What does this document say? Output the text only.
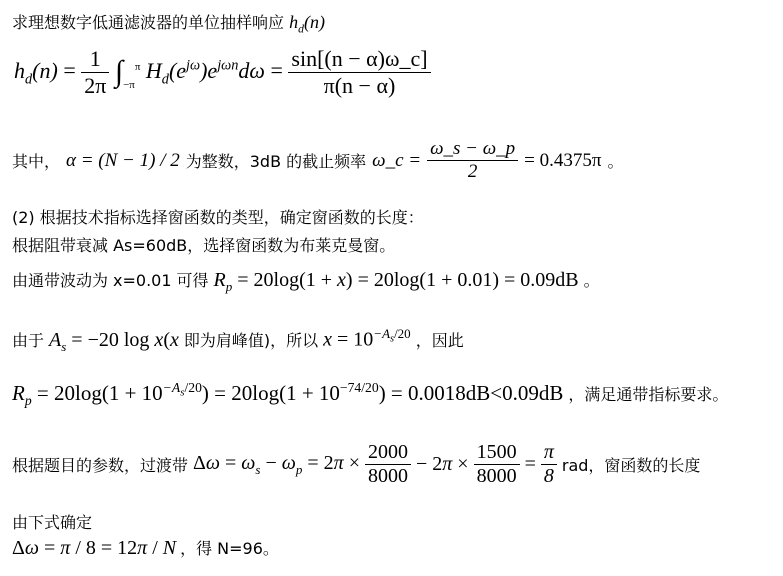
求理想数字低通滤波器的单位抽样响应 $h_d(n)$
$h_d(n) = \frac{1}{2\pi} \int_{-\pi}^\pi$ $H_d(e^{j\omega})e^{j\omega n}d\omega = \frac{\sin[(n - \alpha)\omega\_c]}{\pi(n - \alpha)}$
其中， α = (N − 1) / 2 为整数，3dB 的截止频率 ω_c = $\frac{\omega\_s - \omega\_p}{2} = 0.4375\pi$ 。
(2) 根据技术指标选择窗函数的类型，确定窗函数的长度：
根据阻带衰减 As=60dB，选择窗函数为布莱克曼窗。
由通带波动为 x=0.01 可得 $R_p = 20\log(1 + x) = 20\log(1 + 0.01) = 0.09dB$ 。
由于 $A_s = -20$ log x(x 即为肩峰值)，所以 $x = 10^{-A_s/20}$ ，因此
$R_p = 20\log(1 + 10^{-A_s/20}) = 20\log(1 + 10^{-74/20}) = 0.0018dB<0.09dB$ ，满足通带指标要求。
根据题目的参数，过渡带 $\Delta\omega = \omega_s - \omega_p = 2\pi \times \frac{2000}{8000} - 2\pi \times \frac{1500}{8000} = \frac{\pi}{8}$ rad，窗函数的长度
由下式确定
Δω = π / 8 = 12π / N ，得 N=96。
